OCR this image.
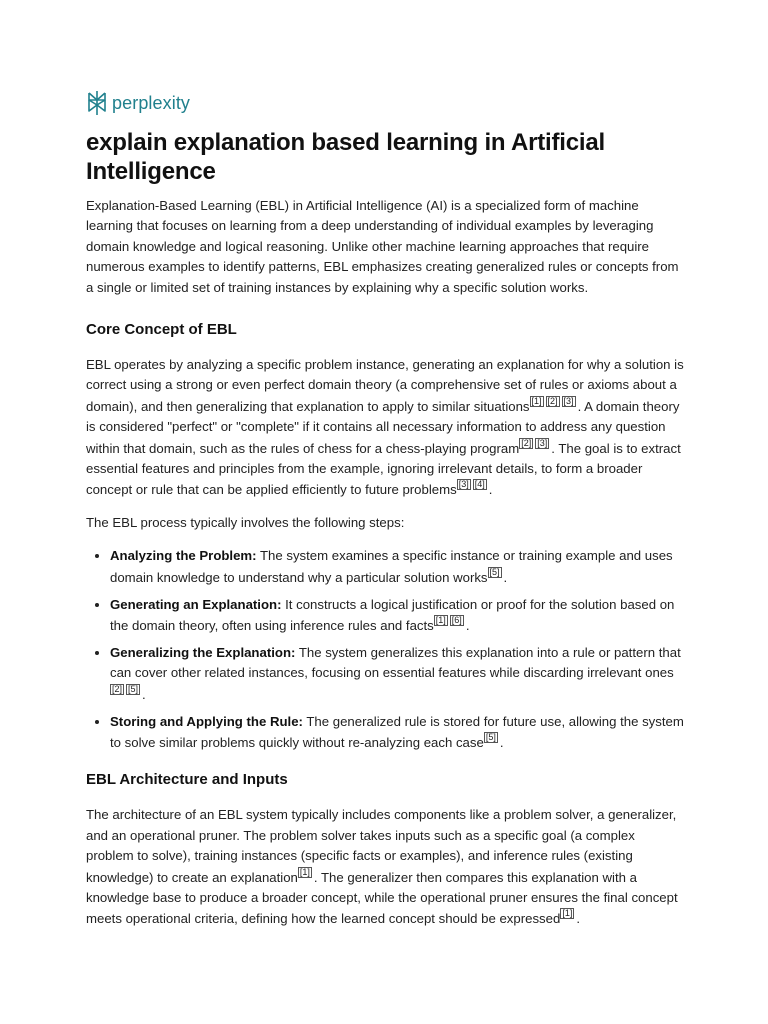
perplexity
explain explanation based learning in Artificial Intelligence

Explanation-Based Learning (EBL) in Artificial Intelligence (AI) is a specialized form of machine learning that focuses on learning from a deep understanding of individual examples by leveraging domain knowledge and logical reasoning. Unlike other machine learning approaches that require numerous examples to identify patterns, EBL emphasizes creating generalized rules or concepts from a single or limited set of training instances by explaining why a specific solution works.

Core Concept of EBL

EBL operates by analyzing a specific problem instance, generating an explanation for why a solution is correct using a strong or even perfect domain theory (a comprehensive set of rules or axioms about a domain), and then generalizing that explanation to apply to similar situations [1] [2] [3] . A domain theory is considered "perfect" or "complete" if it contains all necessary information to address any question within that domain, such as the rules of chess for a chess-playing program [2] [3] . The goal is to extract essential features and principles from the example, ignoring irrelevant details, to form a broader concept or rule that can be applied efficiently to future problems [3] [4] .

The EBL process typically involves the following steps:

• Analyzing the Problem: The system examines a specific instance or training example and uses domain knowledge to understand why a particular solution works [5] .
• Generating an Explanation: It constructs a logical justification or proof for the solution based on the domain theory, often using inference rules and facts [1] [6] .
• Generalizing the Explanation: The system generalizes this explanation into a rule or pattern that can cover other related instances, focusing on essential features while discarding irrelevant ones[2] [5] .
• Storing and Applying the Rule: The generalized rule is stored for future use, allowing the system to solve similar problems quickly without re-analyzing each case [5] .
EBL Architecture and Inputs

The architecture of an EBL system typically includes components like a problem solver, a generalizer, and an operational pruner. The problem solver takes inputs such as a specific goal (a complex problem to solve), training instances (specific facts or examples), and inference rules (existing knowledge) to create an explanation [1] . The generalizer then compares this explanation with a knowledge base to produce a broader concept, while the operational pruner ensures the final concept meets operational criteria, defining how the learned concept should be expressed [1] .
